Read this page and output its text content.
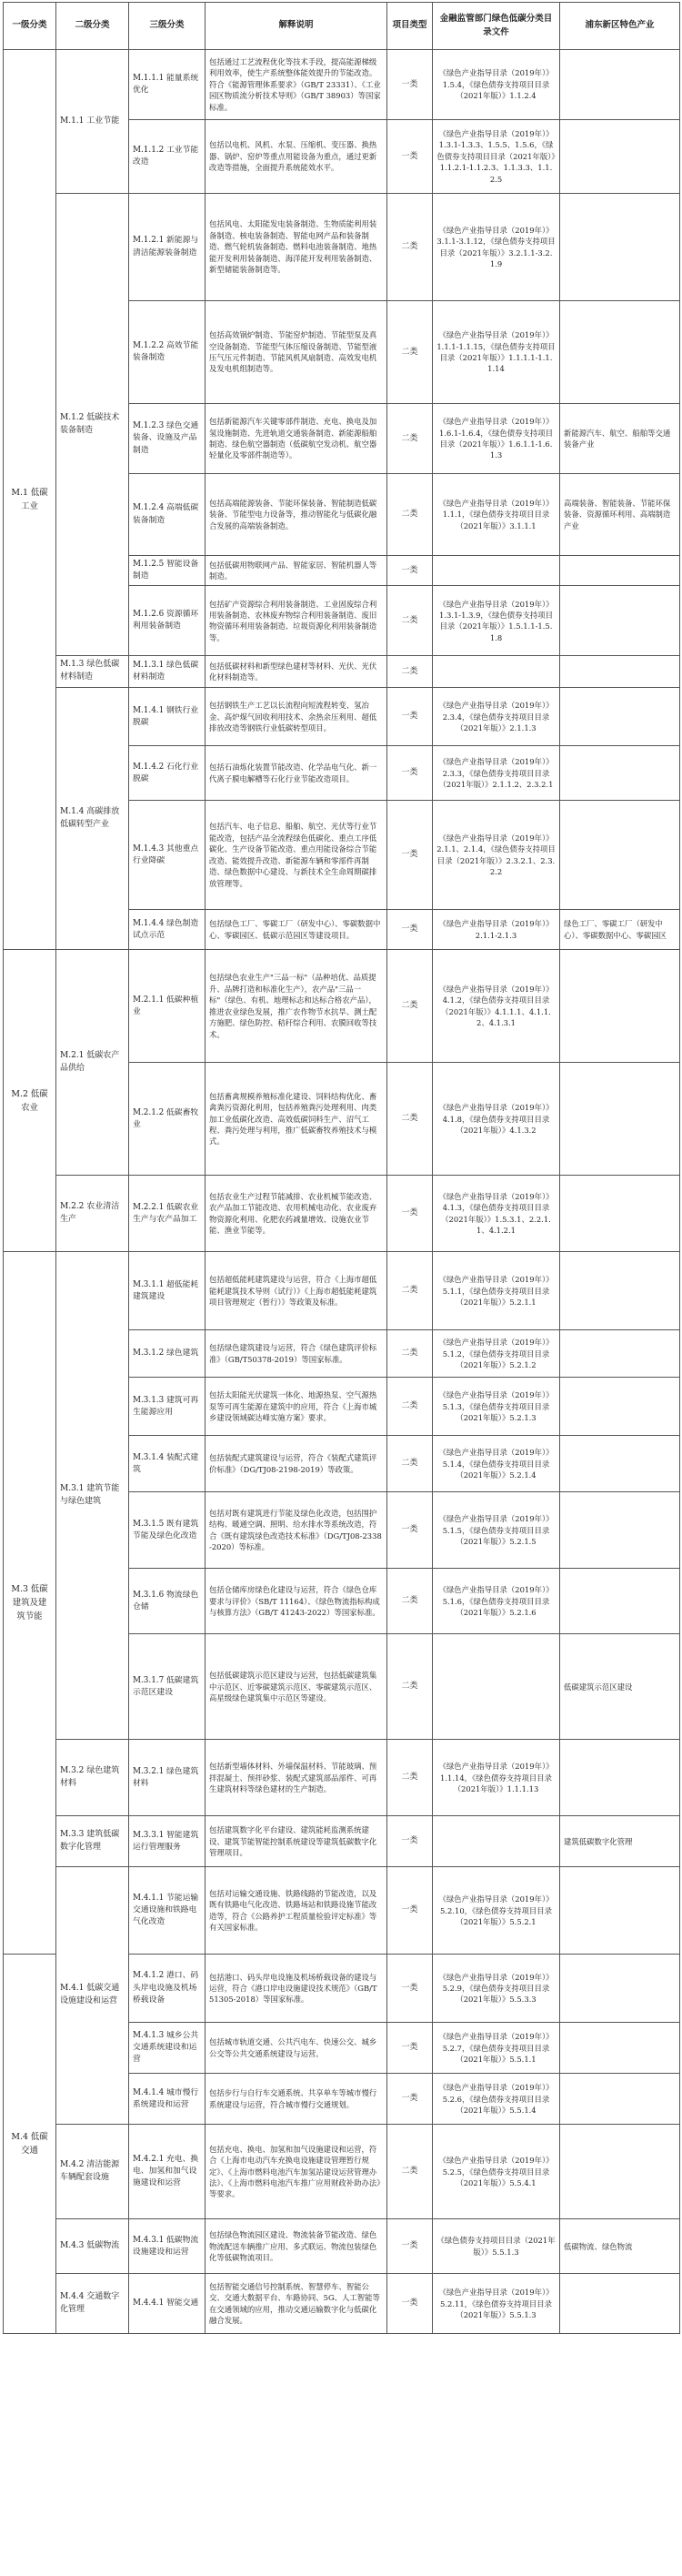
一级分类	二级分类	三级分类	解释说明	项目类型	金融监管部门绿色低碳分类目录文件	浦东新区特色产业
M.1 低碳工业	M.1.1 工业节能	M.1.1.1 能量系统优化	包括通过工艺流程优化等技术手段，提高能源梯级利用效率，使生产系统整体能效提升的节能改造。符合《能源管理体系要求》（GB/T 23331）、《工业园区物质流分析技术导则》（GB/T 38903）等国家标准。	一类	《绿色产业指导目录（2019年）》1.5.4，《绿色债券支持项目目录（2021年版）》1.1.2.4	
		M.1.1.2 工业节能改造	包括以电机、风机、水泵、压缩机、变压器、换热器、锅炉、窑炉等重点用能设备为重点，通过更新改造等措施，全面提升系统能效水平。	一类	《绿色产业指导目录（2019年）》1.3.1-1.3.3、1.5.5、1.5.6，《绿色债券支持项目目录（2021年版）》1.1.2.1-1.1.2.3、1.1.3.3、1.1.2.5	
	M.1.2 低碳技术装备制造	M.1.2.1 新能源与清洁能源装备制造	包括风电、太阳能发电装备制造、生物质能利用装备制造、核电装备制造、智能电网产品和装备制造、燃气轮机装备制造、燃料电池装备制造、地热能开发利用装备制造、海洋能开发利用装备制造、新型储能装备制造等。	二类	《绿色产业指导目录（2019年）》3.1.1-3.1.12，《绿色债券支持项目目录（2021年版）》3.2.1.1-3.2.1.9	
		M.1.2.2 高效节能装备制造	包括高效锅炉制造、节能窑炉制造、节能型泵及真空设备制造、节能型气体压缩设备制造、节能型液压气压元件制造、节能风机风扇制造、高效发电机及发电机组制造等。	二类	《绿色产业指导目录（2019年）》1.1.1-1.1.15，《绿色债券支持项目目录（2021年版）》1.1.1.1-1.1.1.14	
		M.1.2.3 绿色交通装备、设施及产品制造	包括新能源汽车关键零部件制造、充电、换电及加氢设施制造、先进轨道交通装备制造、新能源船舶制造、绿色航空器制造（低碳航空发动机、航空器轻量化及零部件制造等）。	二类	《绿色产业指导目录（2019年）》1.6.1-1.6.4，《绿色债券支持项目目录（2021年版）》1.6.1.1-1.6.1.3	新能源汽车、航空、船舶等交通装备产业
		M.1.2.4 高端低碳装备制造	包括高端能源装备、节能环保装备、智能制造低碳装备、节能型电力设备等，推动智能化与低碳化融合发展的高端装备制造。	二类	《绿色产业指导目录（2019年）》1.1.1，《绿色债券支持项目目录（2021年版）》3.1.1.1	高端装备、智能装备、节能环保装备、资源循环利用、高端制造产业
		M.1.2.5 智能设备制造	包括低碳用物联网产品、智能家居、智能机器人等制造。	一类		
		M.1.2.6 资源循环利用装备制造	包括矿产资源综合利用装备制造、工业固废综合利用装备制造、农林废弃物综合利用装备制造、废旧物资循环利用装备制造、垃圾资源化利用装备制造等。	二类	《绿色产业指导目录（2019年）》1.3.1-1.3.9，《绿色债券支持项目目录（2021年版）》1.5.1.1-1.5.1.8	
	M.1.3 绿色低碳材料制造	M.1.3.1 绿色低碳材料制造	包括低碳材料和新型绿色建材等材料、光伏、光伏化材料制造等。	二类		
	M.1.4 高碳排放低碳转型产业	M.1.4.1 钢铁行业脱碳	包括钢铁生产工艺以长流程向短流程转变、氢冶金、高炉煤气回收利用技术、余热余压利用、超低排放改造等钢铁行业低碳转型项目。	一类	《绿色产业指导目录（2019年）》2.3.4，《绿色债券支持项目目录（2021年版）》2.1.1.3	
		M.1.4.2 石化行业脱碳	包括石油炼化装置节能改造、化学品电气化、新一代离子膜电解槽等石化行业节能改造项目。	一类	《绿色产业指导目录（2019年）》2.3.3，《绿色债券支持项目目录（2021年版）》2.1.1.2、2.3.2.1	
		M.1.4.3 其他重点行业降碳	包括汽车、电子信息、船舶、航空、光伏等行业节能改造，包括产品全流程绿色低碳化、重点工序低碳化、生产设备节能改造、重点用能设备综合节能改造、能效提升改造、新能源车辆和零部件再制造、绿色数据中心建设、与新技术全生命周期碳排放管理等。	一类	《绿色产业指导目录（2019年）》2.1.1、2.1.4，《绿色债券支持项目目录（2021年版）》2.3.2.1、2.3.2.2	
		M.1.4.4 绿色制造试点示范	包括绿色工厂、零碳工厂（研发中心）、零碳数据中心、零碳园区、低碳示范园区等建设项目。	一类	《绿色产业指导目录（2019年）》2.1.1-2.1.3	绿色工厂、零碳工厂（研发中心）、零碳数据中心、零碳园区
M.2 低碳农业	M.2.1 低碳农产品供给	M.2.1.1 低碳种植业	包括绿色农业生产"三品一标"（品种培优、品质提升、品牌打造和标准化生产），农产品"三品一标"（绿色、有机、地理标志和达标合格农产品），推进农业绿色发展，推广农作物节水抗旱、测土配方施肥、绿色防控、秸秆综合利用、农膜回收等技术。	二类	《绿色产业指导目录（2019年）》4.1.2，《绿色债券支持项目目录（2021年版）》4.1.1.1、4.1.1.2、4.1.3.1	
		M.2.1.2 低碳畜牧业	包括畜禽规模养殖标准化建设、饲料结构优化、畜禽粪污资源化利用，包括养殖粪污处理利用、肉类加工业低碳化改造、高效低碳饲料生产、沼气工程、粪污处理与利用，推广低碳畜牧养殖技术与模式。	二类	《绿色产业指导目录（2019年）》4.1.8，《绿色债券支持项目目录（2021年版）》4.1.3.2	
	M.2.2 农业清洁生产	M.2.2.1 低碳农业生产与农产品加工	包括农业生产过程节能减排、农业机械节能改造、农产品加工节能改造、农用机械电动化、农业废弃物资源化利用、化肥农药减量增效、设施农业节能、渔业节能等。	一类	《绿色产业指导目录（2019年）》4.1.3，《绿色债券支持项目目录（2021年版）》1.5.3.1、2.2.1.1、4.1.2.1	
M.3 低碳建筑及建筑节能	M.3.1 建筑节能与绿色建筑	M.3.1.1 超低能耗建筑建设	包括超低能耗建筑建设与运营，符合《上海市超低能耗建筑技术导则（试行）》《上海市超低能耗建筑项目管理规定（暂行）》等政策及标准。	二类	《绿色产业指导目录（2019年）》5.1.1，《绿色债券支持项目目录（2021年版）》5.2.1.1	
		M.3.1.2 绿色建筑	包括绿色建筑建设与运营，符合《绿色建筑评价标准》（GB/T50378-2019）等国家标准。	二类	《绿色产业指导目录（2019年）》5.1.2，《绿色债券支持项目目录（2021年版）》5.2.1.2	
		M.3.1.3 建筑可再生能源应用	包括太阳能光伏建筑一体化、地源热泵、空气源热泵等可再生能源在建筑中的应用，符合《上海市城乡建设领域碳达峰实施方案》要求。	二类	《绿色产业指导目录（2019年）》5.1.3，《绿色债券支持项目目录（2021年版）》5.2.1.3	
		M.3.1.4 装配式建筑	包括装配式建筑建设与运营，符合《装配式建筑评价标准》（DG/TJ08-2198-2019）等政策。	二类	《绿色产业指导目录（2019年）》5.1.4，《绿色债券支持项目目录（2021年版）》5.2.1.4	
		M.3.1.5 既有建筑节能及绿色化改造	包括对既有建筑进行节能及绿色化改造，包括围护结构、暖通空调、照明、给水排水等系统改造，符合《既有建筑绿色改造技术标准》（DG/TJ08-2338-2020）等标准。	一类	《绿色产业指导目录（2019年）》5.1.5，《绿色债券支持项目目录（2021年版）》5.2.1.5	
		M.3.1.6 物流绿色仓储	包括仓储库房绿色化建设与运营，符合《绿色仓库要求与评价》（SB/T 11164）、《绿色物流指标构成与核算方法》（GB/T 41243-2022）等国家标准。	二类	《绿色产业指导目录（2019年）》5.1.6，《绿色债券支持项目目录（2021年版）》5.2.1.6	
		M.3.1.7 低碳建筑示范区建设	包括低碳建筑示范区建设与运营，包括低碳建筑集中示范区、近零碳建筑示范区、零碳建筑示范区、高星级绿色建筑集中示范区等建设。	二类		低碳建筑示范区建设
	M.3.2 绿色建筑材料	M.3.2.1 绿色建筑材料	包括新型墙体材料、外墙保温材料、节能玻璃、预拌混凝土、预拌砂浆、装配式建筑部品部件、可再生建筑材料等绿色建材的生产制造。	二类	《绿色产业指导目录（2019年）》1.1.14，《绿色债券支持项目目录（2021年版）》1.1.1.13	
	M.3.3 建筑低碳数字化管理	M.3.3.1 智能建筑运行管理服务	包括建筑数字化平台建设、建筑能耗监测系统建设、建筑节能智能控制系统建设等建筑低碳数字化管理项目。	一类		建筑低碳数字化管理
	M.4.1 低碳交通设施建设和运营	M.4.1.1 节能运输交通设施和铁路电气化改造	包括对运输交通设施、铁路线路的节能改造，以及既有铁路电气化改造、铁路场站和铁路设施节能改造等，符合《公路养护工程质量检验评定标准》等有关国家标准。	一类	《绿色产业指导目录（2019年）》5.2.10，《绿色债券支持项目目录（2021年版）》5.5.2.1	
M.4 低碳交通		M.4.1.2 港口、码头岸电设施及机场桥载设备	包括港口、码头岸电设施及机场桥载设备的建设与运营，符合《港口岸电设施建设技术规范》（GB/T 51305-2018）等国家标准。	一类	《绿色产业指导目录（2019年）》5.2.9，《绿色债券支持项目目录（2021年版）》5.5.3.3	
		M.4.1.3 城乡公共交通系统建设和运营	包括城市轨道交通、公共汽电车、快速公交、城乡公交等公共交通系统建设与运营。	一类	《绿色产业指导目录（2019年）》5.2.7，《绿色债券支持项目目录（2021年版）》5.5.1.1	
		M.4.1.4 城市慢行系统建设和运营	包括步行与自行车交通系统、共享单车等城市慢行系统建设与运营，符合城市慢行交通规划。	一类	《绿色产业指导目录（2019年）》5.2.6，《绿色债券支持项目目录（2021年版）》5.5.1.4	
	M.4.2 清洁能源车辆配套设施	M.4.2.1 充电、换电、加氢和加气设施建设和运营	包括充电、换电、加氢和加气设施建设和运营，符合《上海市电动汽车充换电设施建设管理暂行规定》、《上海市燃料电池汽车加氢站建设运营管理办法》、《上海市燃料电池汽车推广应用财政补助办法》等要求。	二类	《绿色产业指导目录（2019年）》5.2.5，《绿色债券支持项目目录（2021年版）》5.5.4.1	
	M.4.3 低碳物流	M.4.3.1 低碳物流设施建设和运营	包括绿色物流园区建设、物流装备节能改造、绿色物流配送车辆推广应用、多式联运、物流包装绿色化等低碳物流项目。	一类	《绿色债券支持项目目录（2021年版）》5.5.1.3	低碳物流、绿色物流
	M.4.4 交通数字化管理	M.4.4.1 智能交通	包括智能交通信号控制系统、智慧停车、智能公交、交通大数据平台、车路协同、5G、人工智能等在交通领域的应用，推动交通运输数字化与低碳化融合发展。	一类	《绿色产业指导目录（2019年）》5.2.11，《绿色债券支持项目目录（2021年版）》5.5.1.3	
